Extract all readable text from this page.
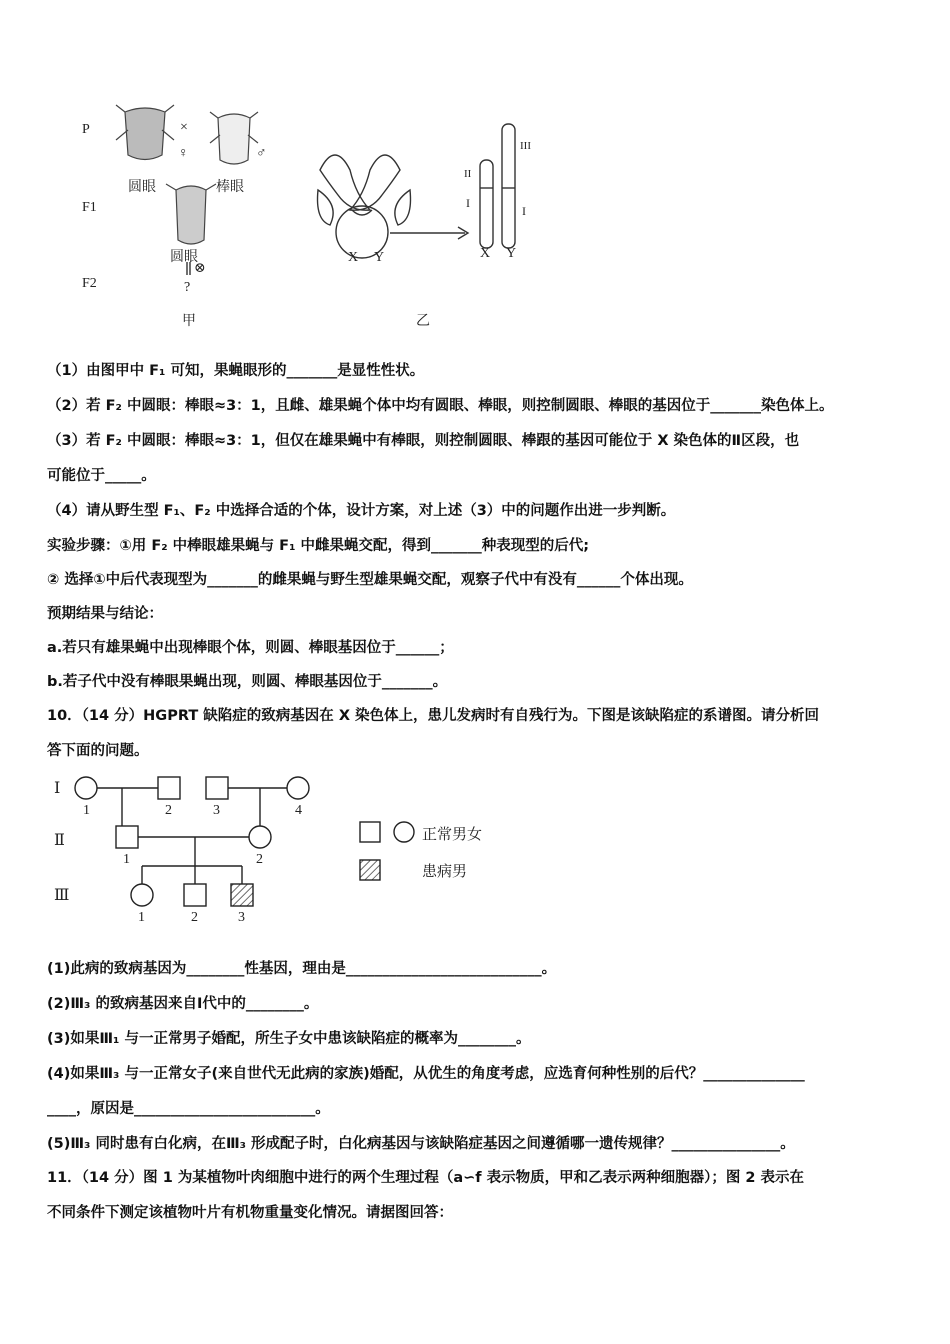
P
F1
F2
×
♀	♂
圆眼	棒眼
圆眼
⊗
?
甲
X Y
II
I
III
I
X Y
乙
（1）由图甲中 F₁ 可知，果蝇眼形的_______是显性性状。
（2）若 F₂ 中圆眼：棒眼≈3：1，且雌、雄果蝇个体中均有圆眼、棒眼，则控制圆眼、棒眼的基因位于_______染色体上。
（3）若 F₂ 中圆眼：棒眼≈3：1，但仅在雄果蝇中有棒眼，则控制圆眼、棒跟的基因可能位于 X 染色体的Ⅱ区段，也
可能位于_____。
（4）请从野生型 F₁、F₂ 中选择合适的个体，设计方案，对上述（3）中的问题作出进一步判断。
实验步骤：①用 F₂ 中棒眼雄果蝇与 F₁ 中雌果蝇交配，得到_______种表现型的后代;
② 选择①中后代表现型为_______的雌果蝇与野生型雄果蝇交配，观察子代中有没有______个体出现。
预期结果与结论：
a.若只有雄果蝇中出现棒眼个体，则圆、棒眼基因位于______；
b.若子代中没有棒眼果蝇出现，则圆、棒眼基因位于_______。
10．（14 分）HGPRT 缺陷症的致病基因在 X 染色体上，患儿发病时有自残行为。下图是该缺陷症的系谱图。请分析回
答下面的问题。
Ⅰ
Ⅱ
Ⅲ
1	2	3	4
1	2
1	2	3
正常男女
患病男
(1)此病的致病基因为________性基因，理由是___________________________。
(2)Ⅲ₃ 的致病基因来自Ⅰ代中的________。
(3)如果Ⅲ₁ 与一正常男子婚配，所生子女中患该缺陷症的概率为________。
(4)如果Ⅲ₃ 与一正常女子(来自世代无此病的家族)婚配，从优生的角度考虑，应选育何种性别的后代？______________
____，原因是_________________________。
(5)Ⅲ₃ 同时患有白化病，在Ⅲ₃ 形成配子时，白化病基因与该缺陷症基因之间遵循哪一遗传规律？_______________。
11．（14 分）图 1 为某植物叶肉细胞中进行的两个生理过程（a∽f 表示物质，甲和乙表示两种细胞器）；图 2 表示在
不同条件下测定该植物叶片有机物重量变化情况。请据图回答：
